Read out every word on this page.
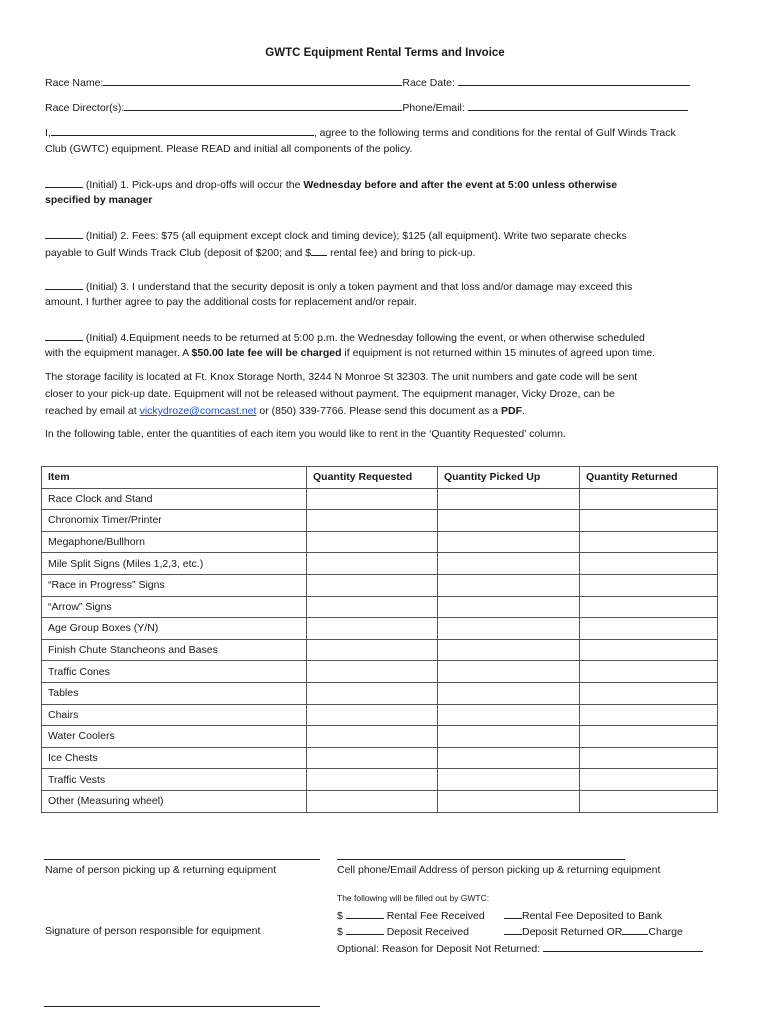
GWTC Equipment Rental Terms and Invoice
Race Name:	Race Date:
Race Director(s):	Phone/Email:
I,	, agree to the following terms and conditions for the rental of Gulf Winds Track
Club (GWTC) equipment. Please READ and initial all components of the policy.
(Initial) 1. Pick-ups and drop-offs will occur the Wednesday before and after the event at 5:00 unless otherwise
specified by manager
(Initial) 2. Fees: $75 (all equipment except clock and timing device); $125 (all equipment). Write two separate checks
payable to Gulf Winds Track Club (deposit of $200; and $ rental fee) and bring to pick-up.
(Initial) 3. I understand that the security deposit is only a token payment and that loss and/or damage may exceed this
amount. I further agree to pay the additional costs for replacement and/or repair.
(Initial) 4.Equipment needs to be returned at 5:00 p.m. the Wednesday following the event, or when otherwise scheduled
with the equipment manager. A $50.00 late fee will be charged if equipment is not returned within 15 minutes of agreed upon time.
The storage facility is located at Ft. Knox Storage North, 3244 N Monroe St 32303. The unit numbers and gate code will be sent
closer to your pick-up date. Equipment will not be released without payment. The equipment manager, Vicky Droze, can be
reached by email at vickydroze@comcast.net or (850) 339-7766. Please send this document as a PDF.
In the following table, enter the quantities of each item you would like to rent in the ‘Quantity Requested’ column.
Item	Quantity Requested	Quantity Picked Up	Quantity Returned
Race Clock and Stand			
Chronomix Timer/Printer			
Megaphone/Bullhorn			
Mile Split Signs (Miles 1,2,3, etc.)			
“Race in Progress” Signs			
“Arrow” Signs			
Age Group Boxes (Y/N)			
Finish Chute Stancheons and Bases			
Traffic Cones			
Tables			
Chairs			
Water Coolers			
Ice Chests			
Traffic Vests			
Other (Measuring wheel)			
Name of person picking up & returning equipment	Cell phone/Email Address of person picking up & returning equipment
The following will be filled out by GWTC:
$	Rental Fee Received	Rental Fee Deposited to Bank
$	Deposit Received	Deposit Returned OR Charge
Optional: Reason for Deposit Not Returned:
Signature of person responsible for equipment
